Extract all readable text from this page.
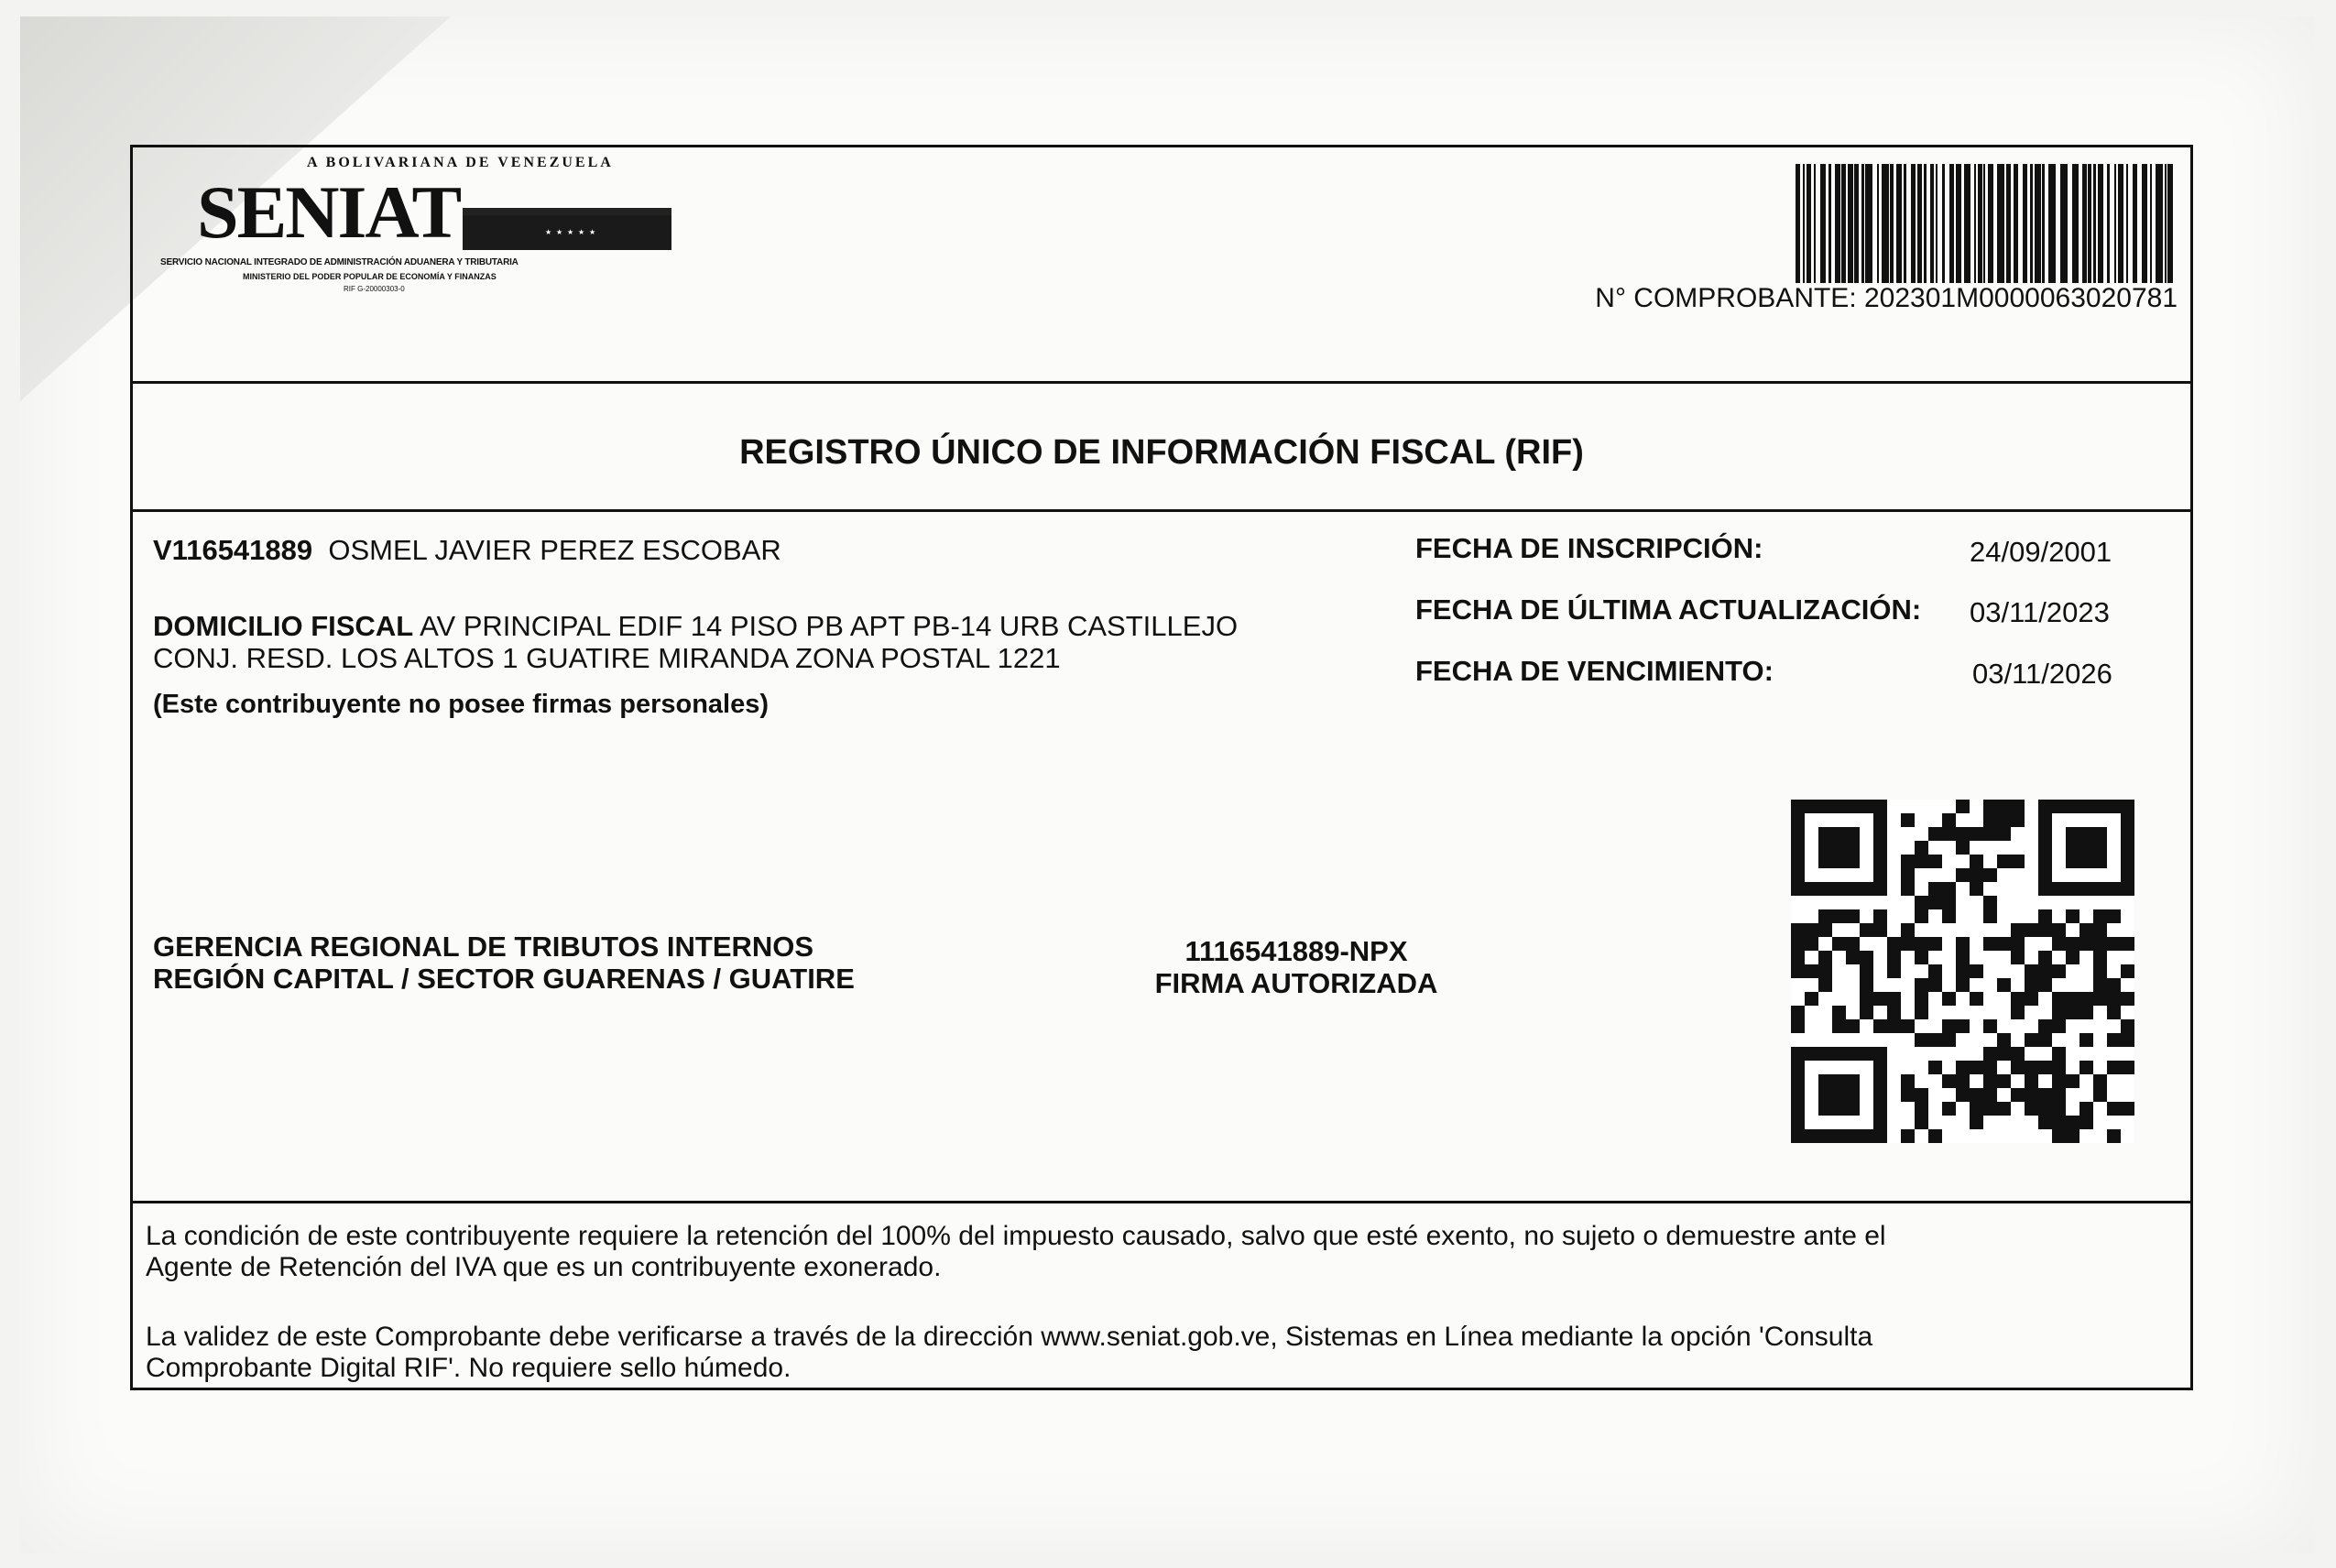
A BOLIVARIANA DE VENEZUELA
SENIAT	★ ★ ★ ★ ★
SERVICIO NACIONAL INTEGRADO DE ADMINISTRACIÓN ADUANERA Y TRIBUTARIA
MINISTERIO DEL PODER POPULAR DE ECONOMÍA Y FINANZAS
RIF G-20000303-0	N° COMPROBANTE: 202301M0000063020781
REGISTRO ÚNICO DE INFORMACIÓN FISCAL (RIF)
V116541889 OSMEL JAVIER PEREZ ESCOBAR
DOMICILIO FISCAL AV PRINCIPAL EDIF 14 PISO PB APT PB-14 URB CASTILLEJO
CONJ. RESD. LOS ALTOS 1 GUATIRE MIRANDA ZONA POSTAL 1221
(Este contribuyente no posee firmas personales)
FECHA DE INSCRIPCIÓN:	24/09/2001
FECHA DE ÚLTIMA ACTUALIZACIÓN: 03/11/2023
FECHA DE VENCIMIENTO:	03/11/2026
GERENCIA REGIONAL DE TRIBUTOS INTERNOS
REGIÓN CAPITAL / SECTOR GUARENAS / GUATIRE
1116541889-NPX
FIRMA AUTORIZADA
La condición de este contribuyente requiere la retención del 100% del impuesto causado, salvo que esté exento, no sujeto o demuestre ante el
Agente de Retención del IVA que es un contribuyente exonerado.
La validez de este Comprobante debe verificarse a través de la dirección www.seniat.gob.ve, Sistemas en Línea mediante la opción 'Consulta
Comprobante Digital RIF'. No requiere sello húmedo.
